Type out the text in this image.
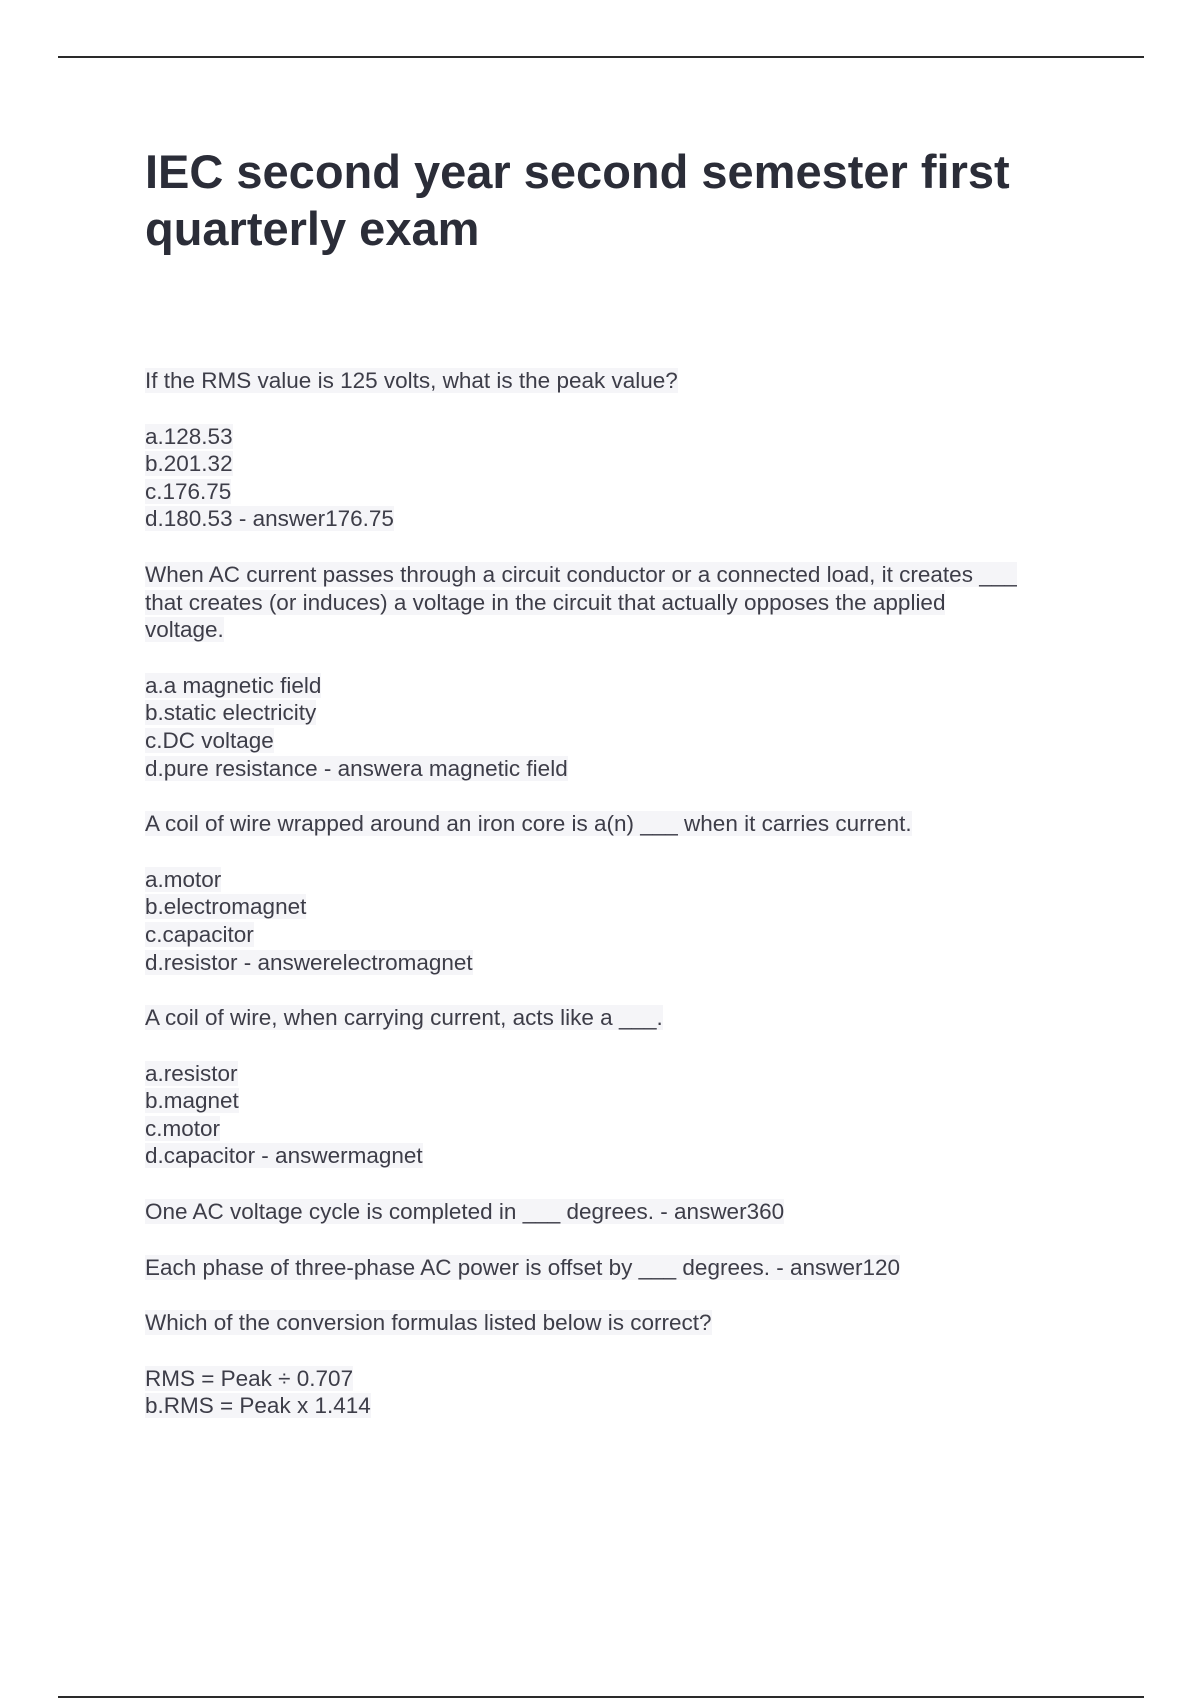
IEC second year second semester first quarterly exam
If the RMS value is 125 volts, what is the peak value?
a.128.53
b.201.32
c.176.75
d.180.53 - answer176.75
When AC current passes through a circuit conductor or a connected load, it creates ___
that creates (or induces) a voltage in the circuit that actually opposes the applied
voltage.
a.a magnetic field
b.static electricity
c.DC voltage
d.pure resistance - answera magnetic field
A coil of wire wrapped around an iron core is a(n) ___ when it carries current.
a.motor
b.electromagnet
c.capacitor
d.resistor - answerelectromagnet
A coil of wire, when carrying current, acts like a ___.
a.resistor
b.magnet
c.motor
d.capacitor - answermagnet
One AC voltage cycle is completed in ___ degrees. - answer360
Each phase of three-phase AC power is offset by ___ degrees. - answer120
Which of the conversion formulas listed below is correct?
RMS = Peak ÷ 0.707
b.RMS = Peak x 1.414
